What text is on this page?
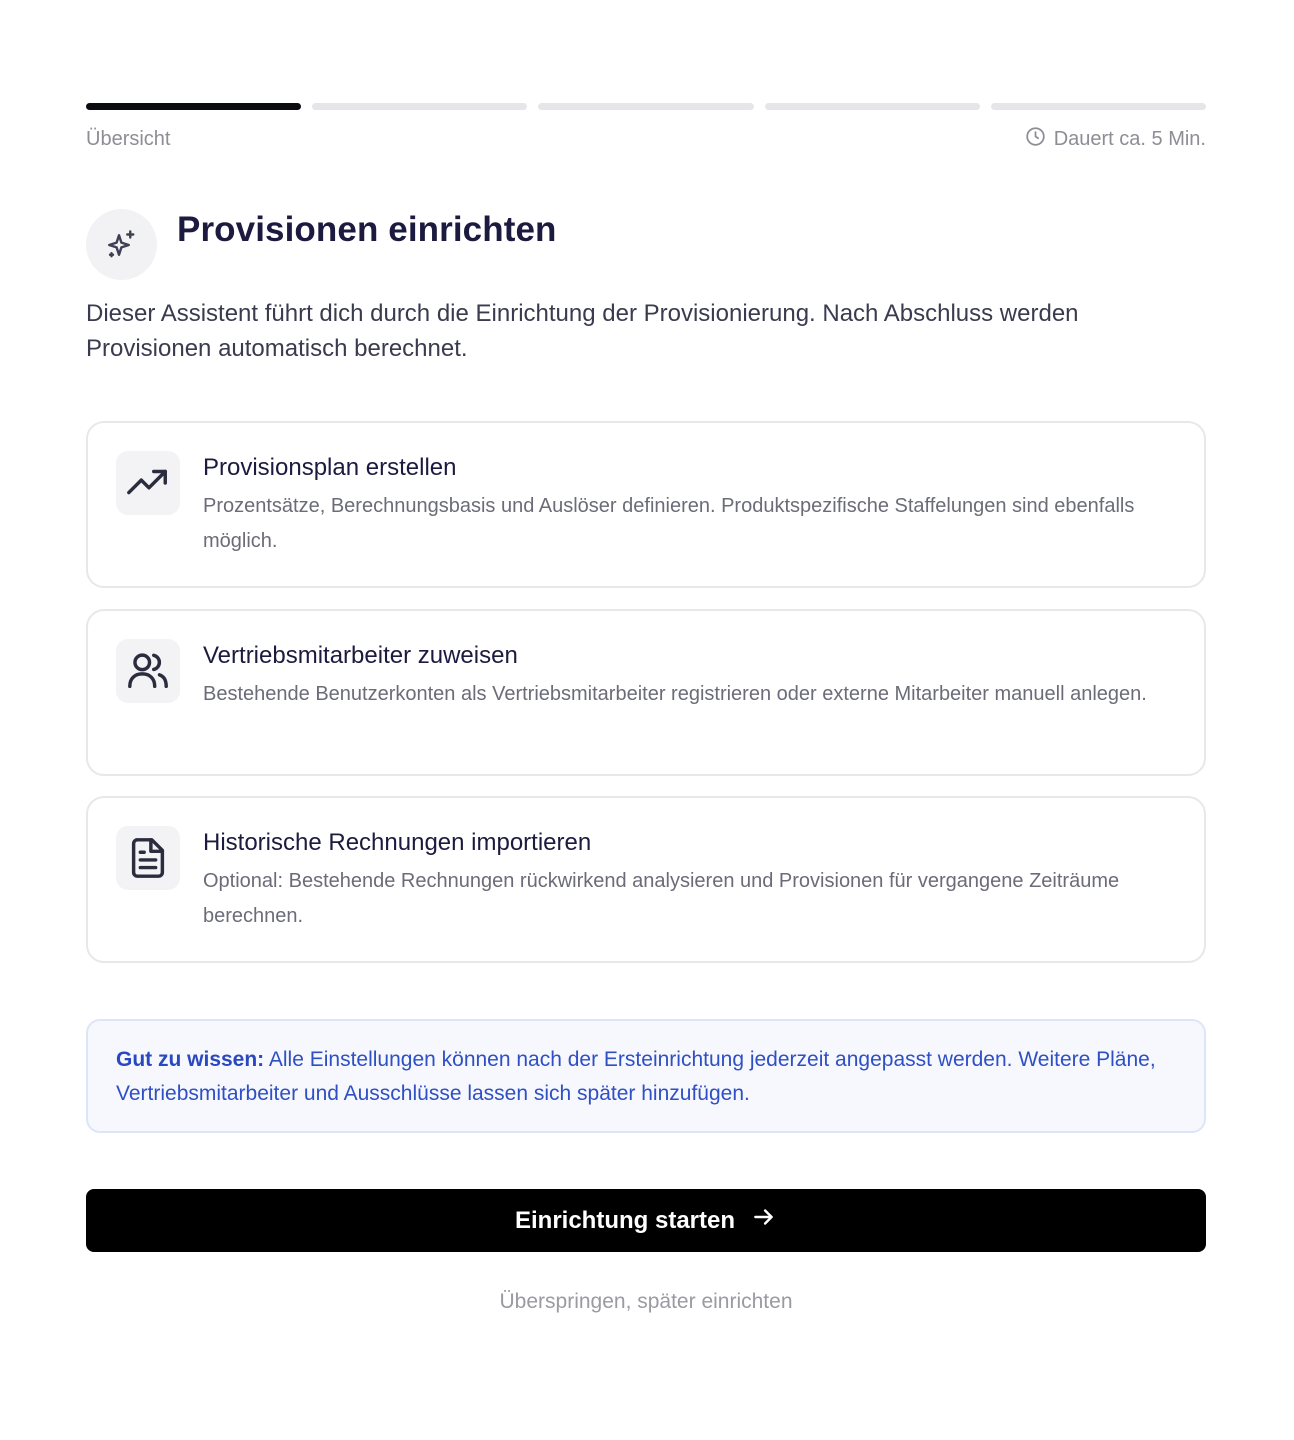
Übersicht	Dauert ca. 5 Min.
Provisionen einrichten

Dieser Assistent führt dich durch die Einrichtung der Provisionierung. Nach Abschluss werden Provisionen automatisch berechnet.

Provisionsplan erstellen
Prozentsätze, Berechnungsbasis und Auslöser definieren. Produktspezifische Staffelungen sind ebenfalls möglich.
Vertriebsmitarbeiter zuweisen
Bestehende Benutzerkonten als Vertriebsmitarbeiter registrieren oder externe Mitarbeiter manuell anlegen.
Historische Rechnungen importieren
Optional: Bestehende Rechnungen rückwirkend analysieren und Provisionen für vergangene Zeiträume berechnen.
Gut zu wissen: Alle Einstellungen können nach der Ersteinrichtung jederzeit angepasst werden. Weitere Pläne, Vertriebsmitarbeiter und Ausschlüsse lassen sich später hinzufügen.
Einrichtung starten
Überspringen, später einrichten
